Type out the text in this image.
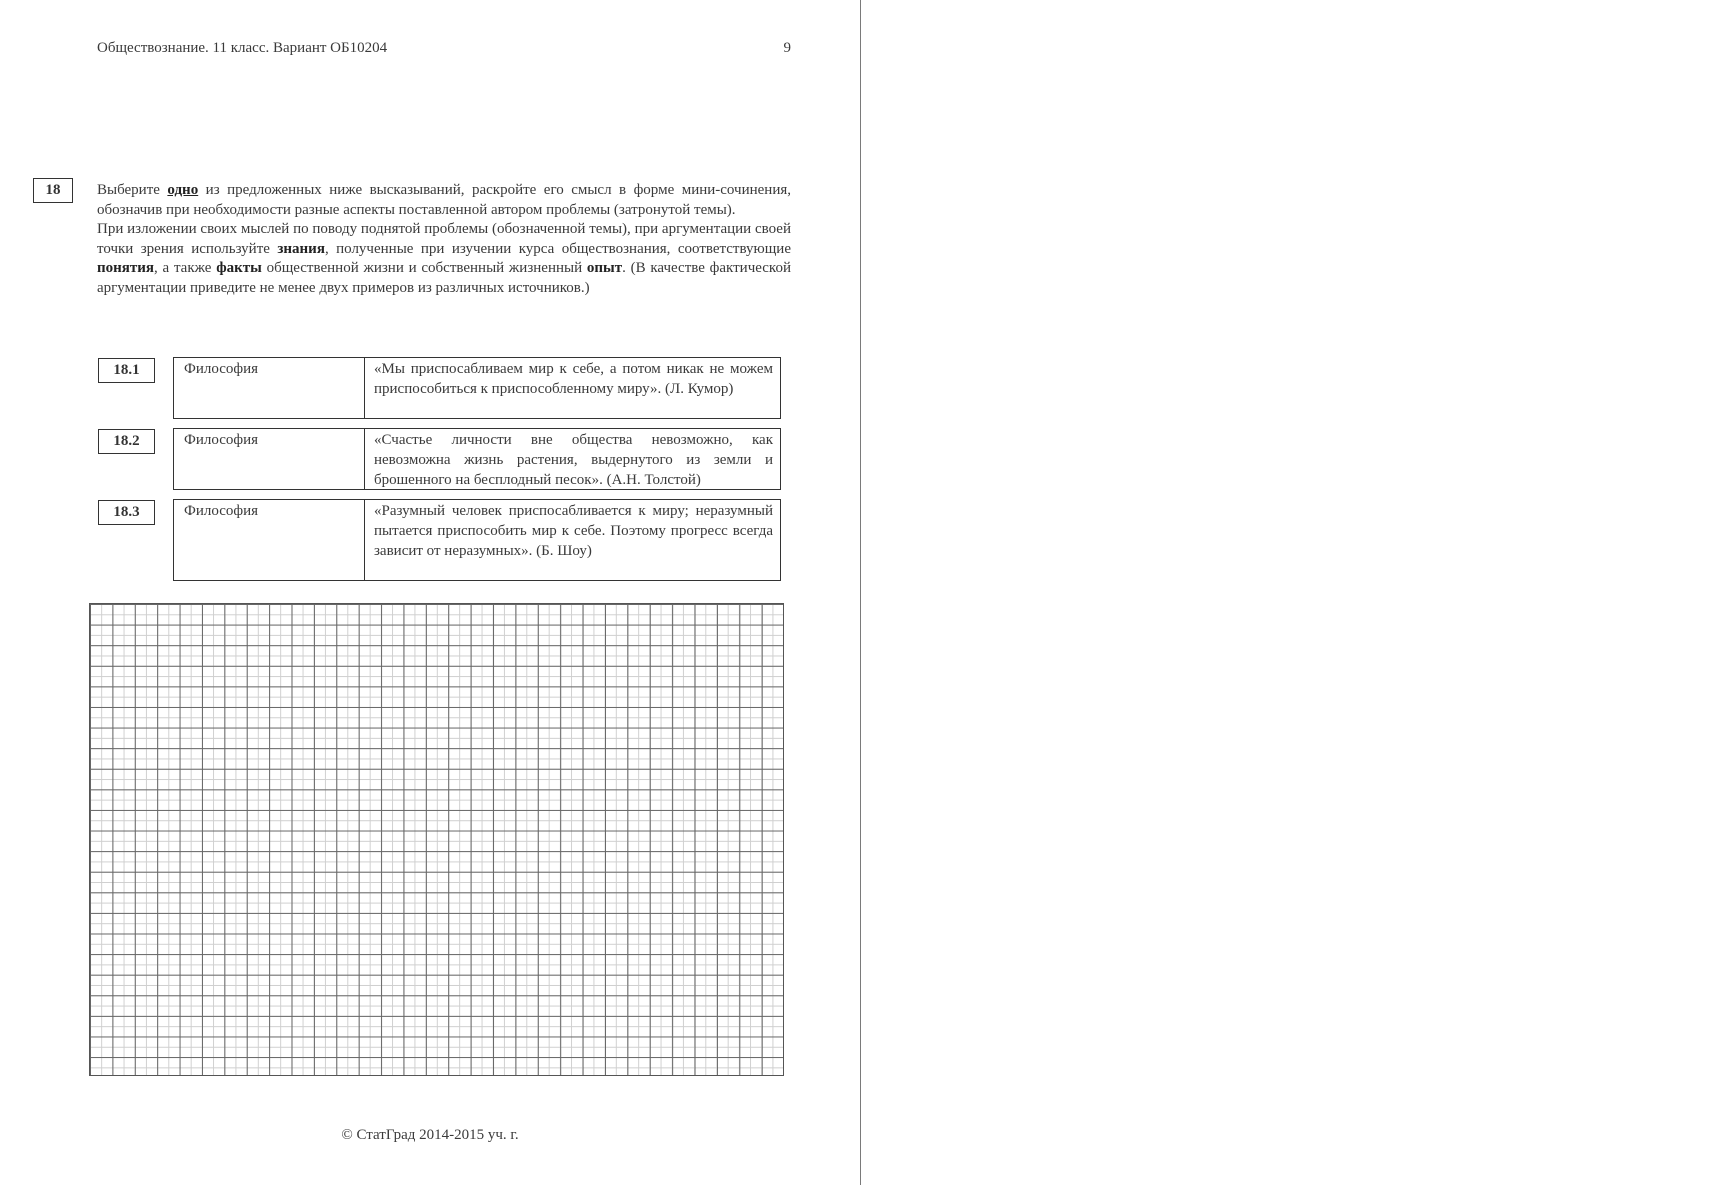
Обществознание. 11 класс. Вариант ОБ10204	9
18	Выберите одно из предложенных ниже высказываний, раскройте его смысл в форме мини-сочинения, обозначив при необходимости разные аспекты поставленной автором проблемы (затронутой темы).

При изложении своих мыслей по поводу поднятой проблемы (обозначенной темы), при аргументации своей точки зрения используйте знания, полученные при изучении курса обществознания, соответствующие понятия, а также факты общественной жизни и собственный жизненный опыт. (В качестве фактической аргументации приведите не менее двух примеров из различных источников.)

18.1	Философия	«Мы приспосабливаем мир к себе, а потом никак не можем приспособиться к приспособленному миру». (Л. Кумор)
18.2	Философия	«Счастье личности вне общества невозможно, как невозможна жизнь растения, выдернутого из земли и брошенного на бесплодный песок». (А.Н. Толстой)
18.3	Философия	«Разумный человек приспосабливается к миру; неразумный пытается приспособить мир к себе. Поэтому прогресс всегда зависит от неразумных». (Б. Шоу)
© СтатГрад 2014-2015 уч. г.
